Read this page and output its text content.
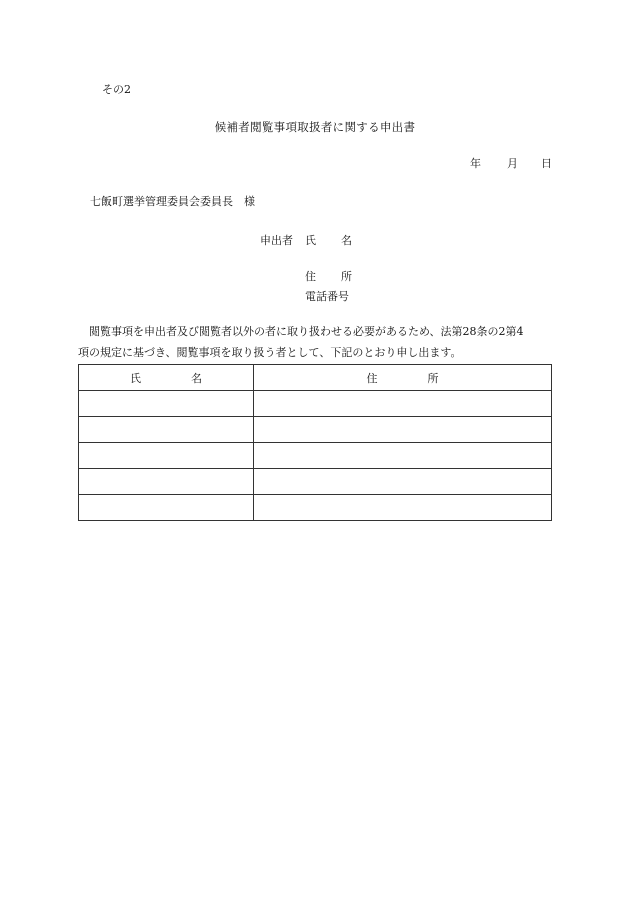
その2
候補者閲覧事項取扱者に関する申出書
年 月 日
七飯町選挙管理委員会委員長　様
申出者 氏 名
住 所
電話番号

閲覧事項を申出者及び閲覧者以外の者に取り扱わせる必要があるため、法第28条の2第4

項の規定に基づき、閲覧事項を取り扱う者として、下記のとおり申し出ます。

氏 名	住 所
